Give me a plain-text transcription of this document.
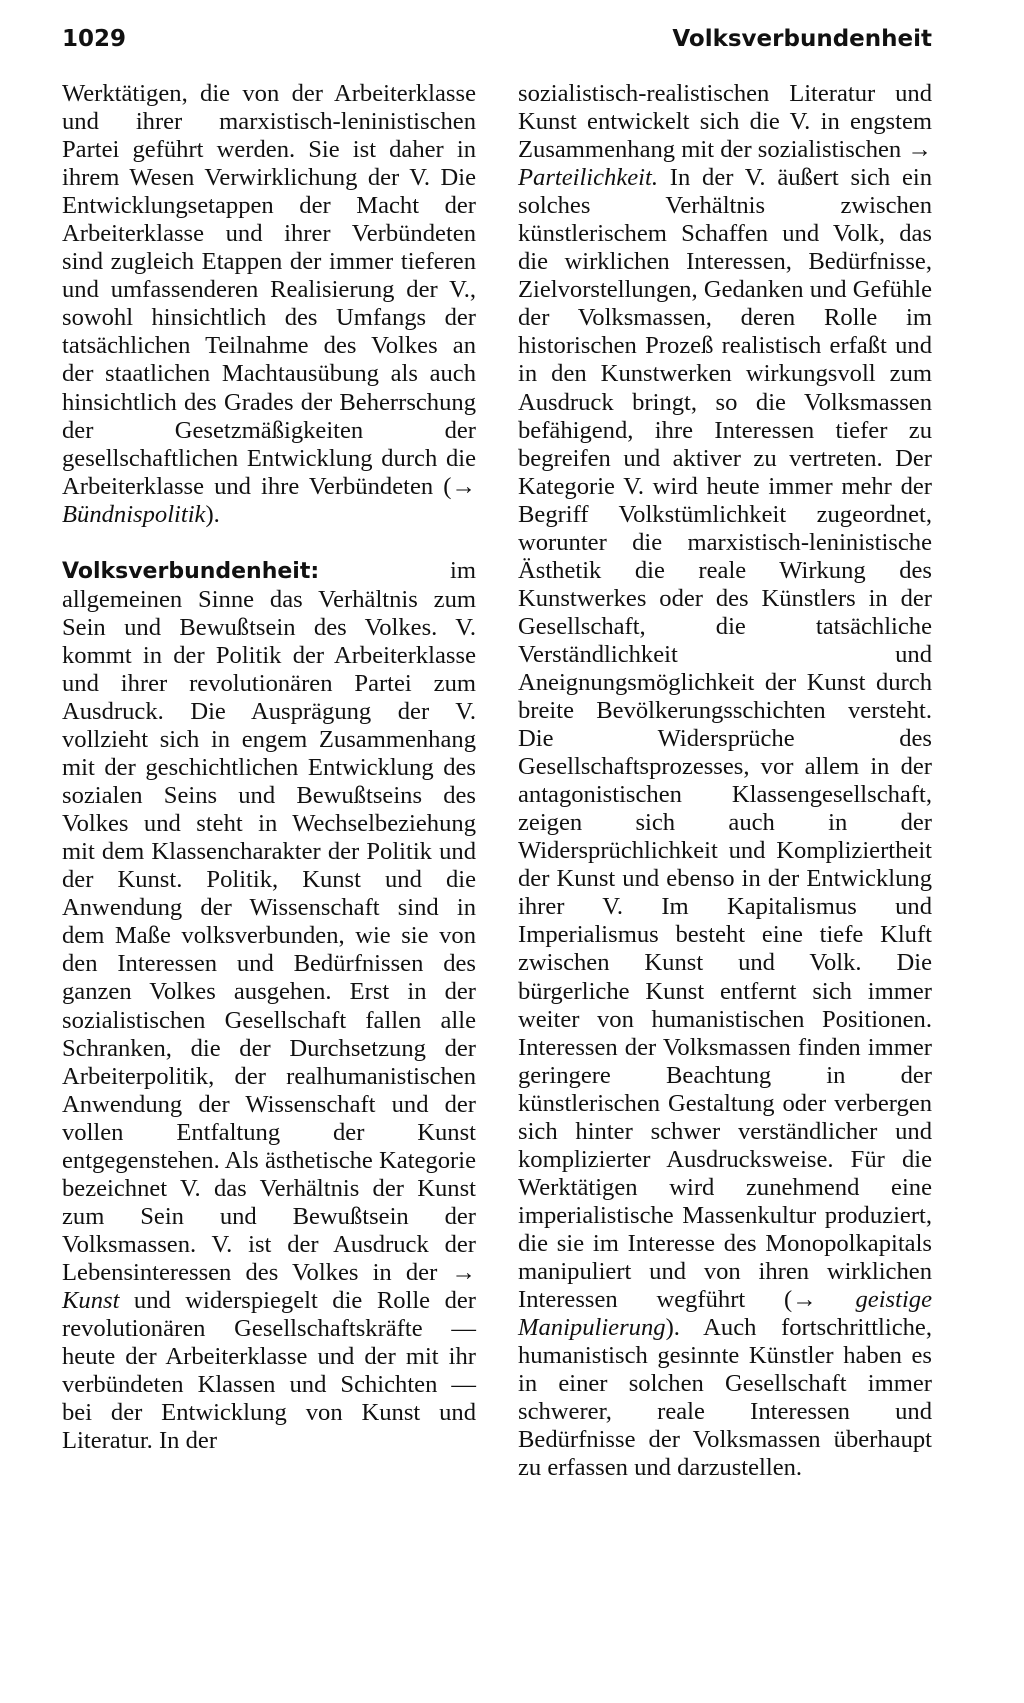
1029	Volksverbundenheit

Werktätigen, die von der Arbeiterklasse und ihrer marxistisch-leninistischen Partei geführt werden. Sie ist daher in ihrem Wesen Verwirklichung der V. Die Entwicklungsetappen der Macht der Arbeiterklasse und ihrer Verbündeten sind zugleich Etappen der immer tieferen und umfassenderen Realisierung der V., sowohl hinsichtlich des Umfangs der tatsächlichen Teilnahme des Volkes an der staatlichen Machtausübung als auch hinsichtlich des Grades der Beherrschung der Gesetzmäßigkeiten der gesellschaftlichen Entwicklung durch die Arbeiterklasse und ihre Verbündeten (→ Bündnispolitik).

Volksverbundenheit: im allgemeinen Sinne das Verhältnis zum Sein und Bewußtsein des Volkes. V. kommt in der Politik der Arbeiterklasse und ihrer revolutionären Partei zum Ausdruck. Die Ausprägung der V. vollzieht sich in engem Zusammenhang mit der geschichtlichen Entwicklung des sozialen Seins und Bewußtseins des Volkes und steht in Wechselbeziehung mit dem Klassencharakter der Politik und der Kunst. Politik, Kunst und die Anwendung der Wissenschaft sind in dem Maße volksverbunden, wie sie von den Interessen und Bedürfnissen des ganzen Volkes ausgehen. Erst in der sozialistischen Gesellschaft fallen alle Schranken, die der Durchsetzung der Arbeiterpolitik, der realhumanistischen Anwendung der Wissenschaft und der vollen Entfaltung der Kunst entgegenstehen. Als ästhetische Kategorie bezeichnet V. das Verhältnis der Kunst zum Sein und Bewußtsein der Volksmassen. V. ist der Ausdruck der Lebensinteressen des Volkes in der → Kunst und widerspiegelt die Rolle der revolutionären Gesellschaftskräfte — heute der Arbeiterklasse und der mit ihr verbündeten Klassen und Schichten — bei der Entwicklung von Kunst und Literatur. In der

sozialistisch-realistischen Literatur und Kunst entwickelt sich die V. in engstem Zusammenhang mit der sozialistischen → Parteilichkeit. In der V. äußert sich ein solches Verhältnis zwischen künstlerischem Schaffen und Volk, das die wirklichen Interessen, Bedürfnisse, Zielvorstellungen, Gedanken und Gefühle der Volksmassen, deren Rolle im historischen Prozeß realistisch erfaßt und in den Kunstwerken wirkungsvoll zum Ausdruck bringt, so die Volksmassen befähigend, ihre Interessen tiefer zu begreifen und aktiver zu vertreten. Der Kategorie V. wird heute immer mehr der Begriff Volkstümlichkeit zugeordnet, worunter die marxistisch-leninistische Ästhetik die reale Wirkung des Kunstwerkes oder des Künstlers in der Gesellschaft, die tatsächliche Verständlichkeit und Aneignungsmöglichkeit der Kunst durch breite Bevölkerungsschichten versteht. Die Widersprüche des Gesellschaftsprozesses, vor allem in der antagonistischen Klassengesellschaft, zeigen sich auch in der Widersprüchlichkeit und Kompliziertheit der Kunst und ebenso in der Entwicklung ihrer V. Im Kapitalismus und Imperialismus besteht eine tiefe Kluft zwischen Kunst und Volk. Die bürgerliche Kunst entfernt sich immer weiter von humanistischen Positionen. Interessen der Volksmassen finden immer geringere Beachtung in der künstlerischen Gestaltung oder verbergen sich hinter schwer verständlicher und komplizierter Ausdrucksweise. Für die Werktätigen wird zunehmend eine imperialistische Massenkultur produziert, die sie im Interesse des Monopolkapitals manipuliert und von ihren wirklichen Interessen wegführt (→ geistige Manipulierung). Auch fortschrittliche, humanistisch gesinnte Künstler haben es in einer solchen Gesellschaft immer schwerer, reale Interessen und Bedürfnisse der Volksmassen überhaupt zu erfassen und darzustellen.
